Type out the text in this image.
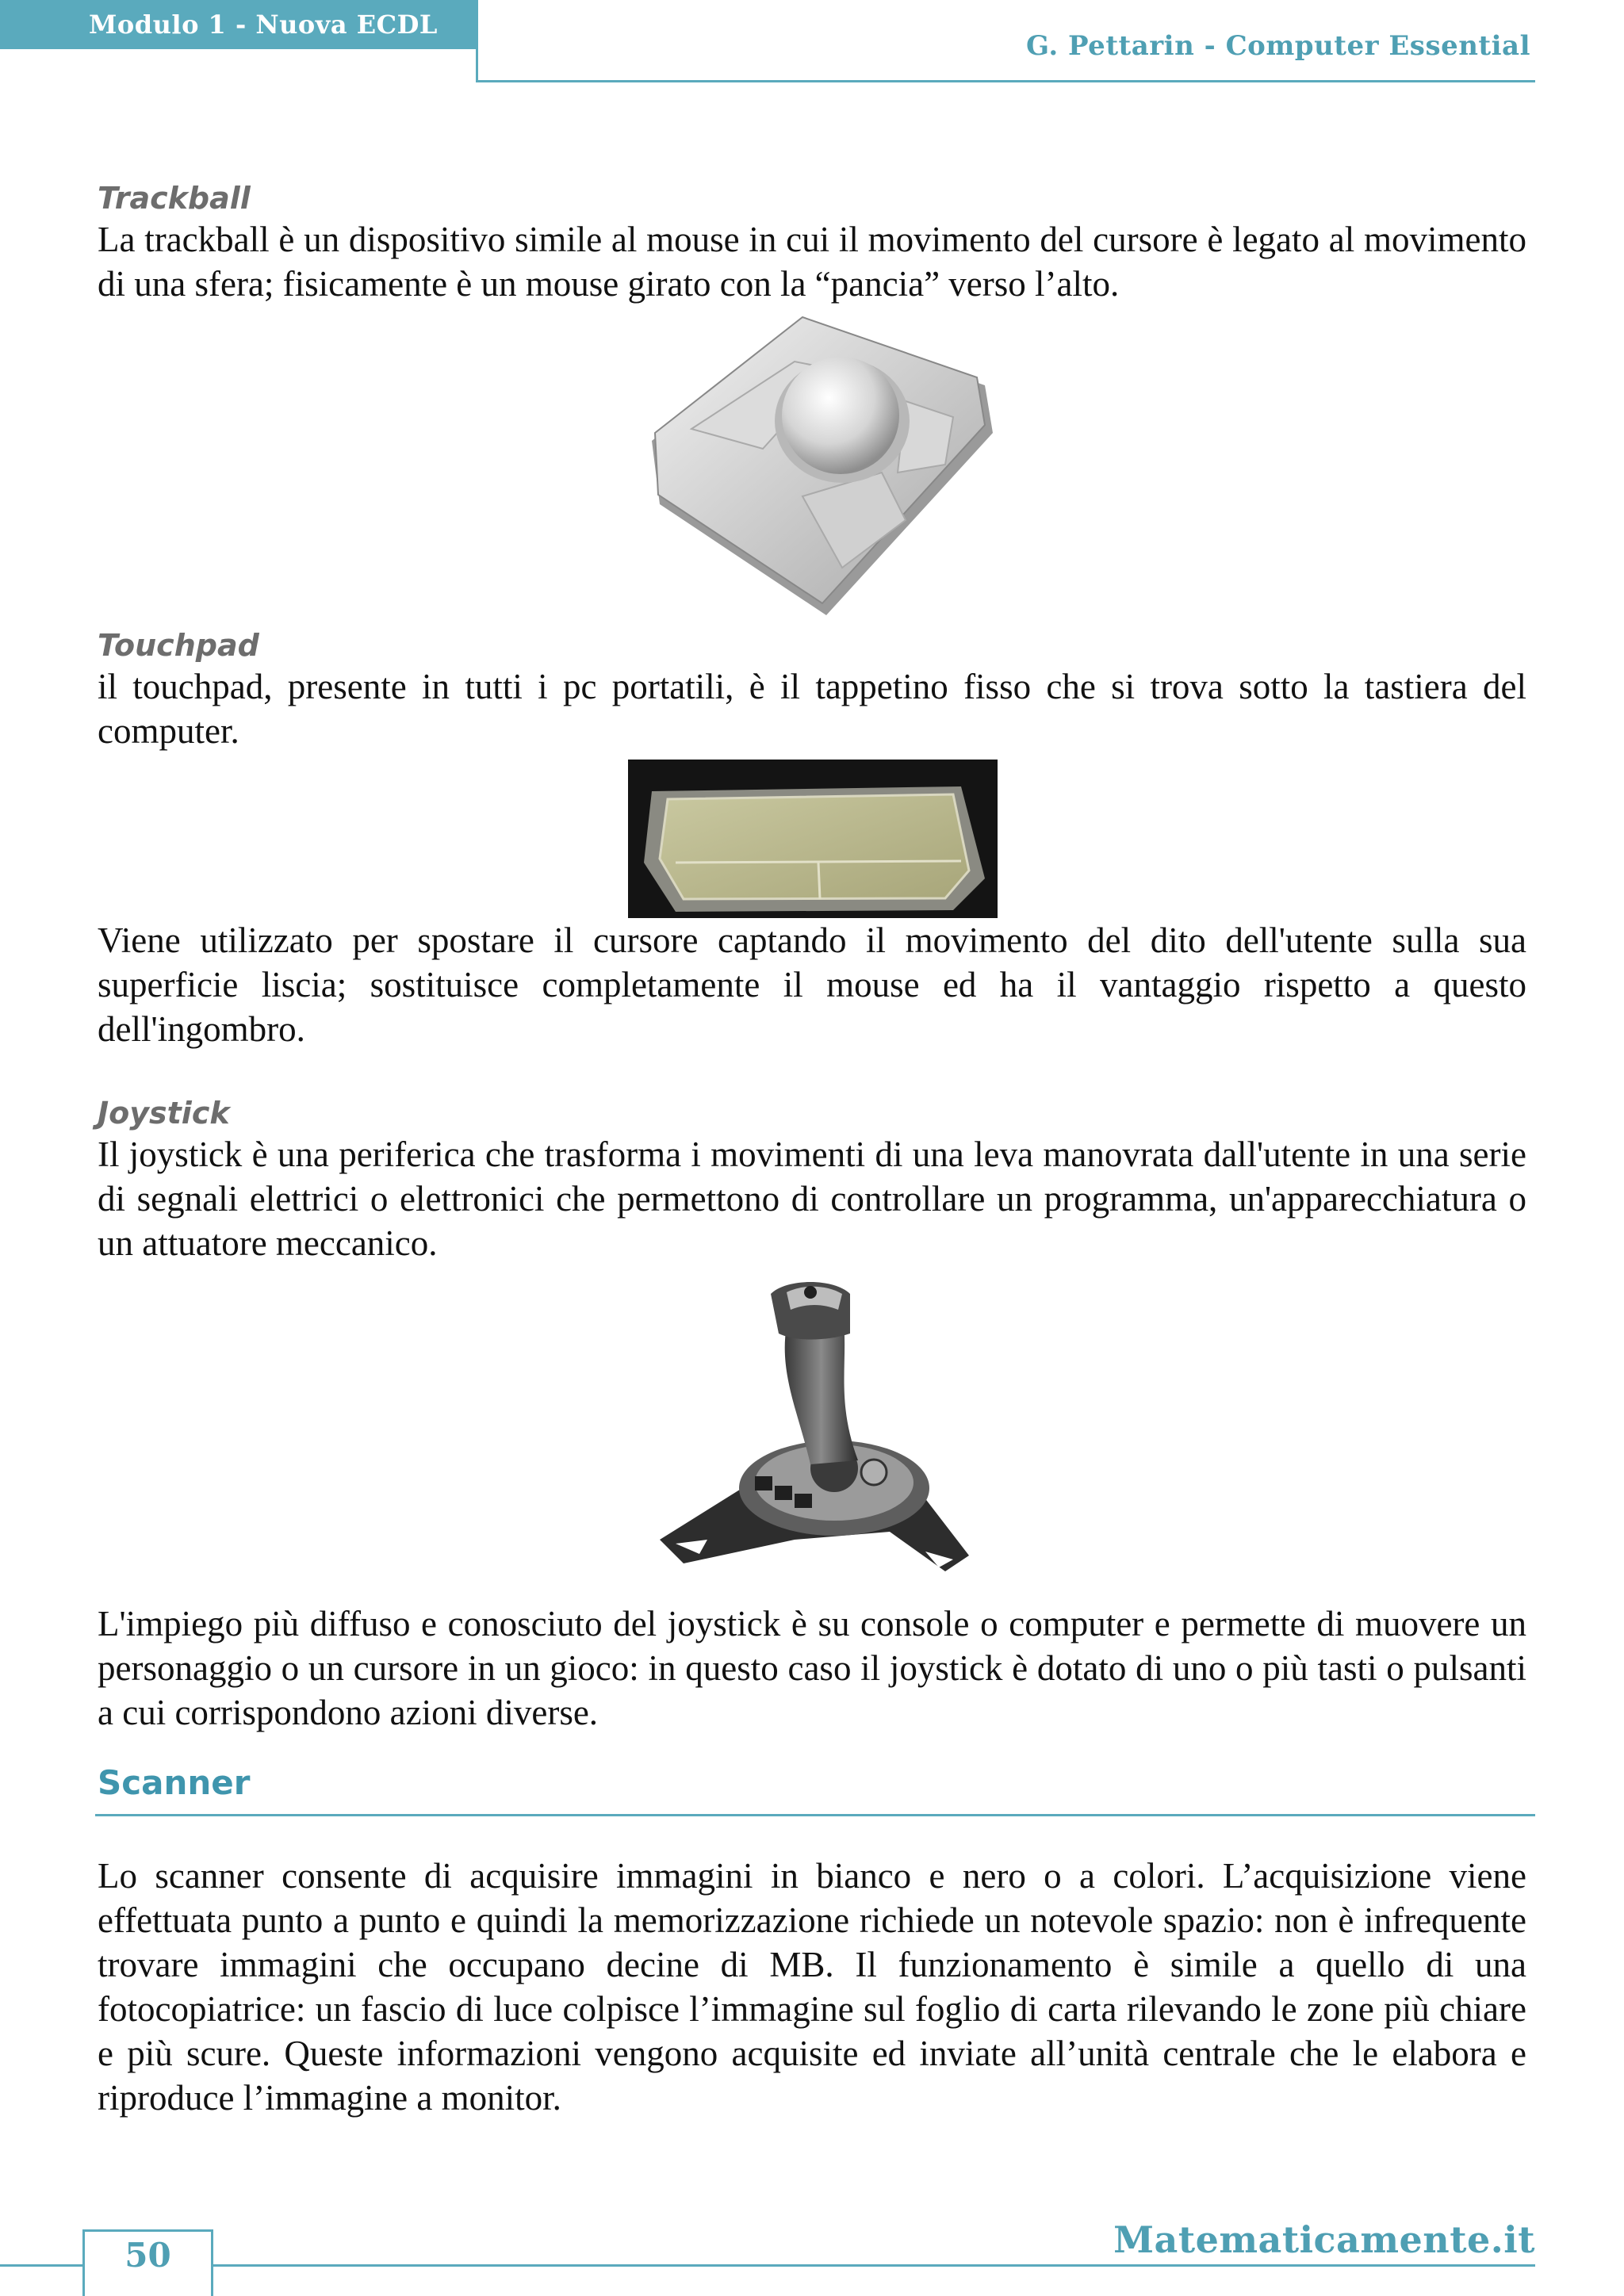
Modulo 1 - Nuova ECDL
G. Pettarin - Computer Essential

Trackball

La trackball è un dispositivo simile al mouse in cui il movimento del cursore è legato al movimento di una sfera; fisicamente è un mouse girato con la “pancia” verso l’alto.

Touchpad

il touchpad, presente in tutti i pc portatili, è il tappetino fisso che si trova sotto la tastiera del computer.

Viene utilizzato per spostare il cursore captando il movimento del dito dell'utente sulla sua superficie liscia; sostituisce completamente il mouse ed ha il vantaggio rispetto a questo dell'ingombro.

Joystick

Il joystick è una periferica che trasforma i movimenti di una leva manovrata dall'utente in una serie di segnali elettrici o elettronici che permettono di controllare un programma, un'apparecchiatura o un attuatore meccanico.

L'impiego più diffuso e conosciuto del joystick è su console o computer e permette di muovere un personaggio o un cursore in un gioco: in questo caso il joystick è dotato di uno o più tasti o pulsanti a cui corrispondono azioni diverse.

Scanner

Lo scanner consente di acquisire immagini in bianco e nero o a colori. L’acquisizione viene effettuata punto a punto e quindi la memorizzazione richiede un notevole spazio: non è infrequente trovare immagini che occupano decine di MB. Il funzionamento è simile a quello di una fotocopiatrice: un fascio di luce colpisce l’immagine sul foglio di carta rilevando le zone più chiare e più scure. Queste informazioni vengono acquisite ed inviate all’unità centrale che le elabora e riproduce l’immagine a monitor.

Matematicamente.it
50
